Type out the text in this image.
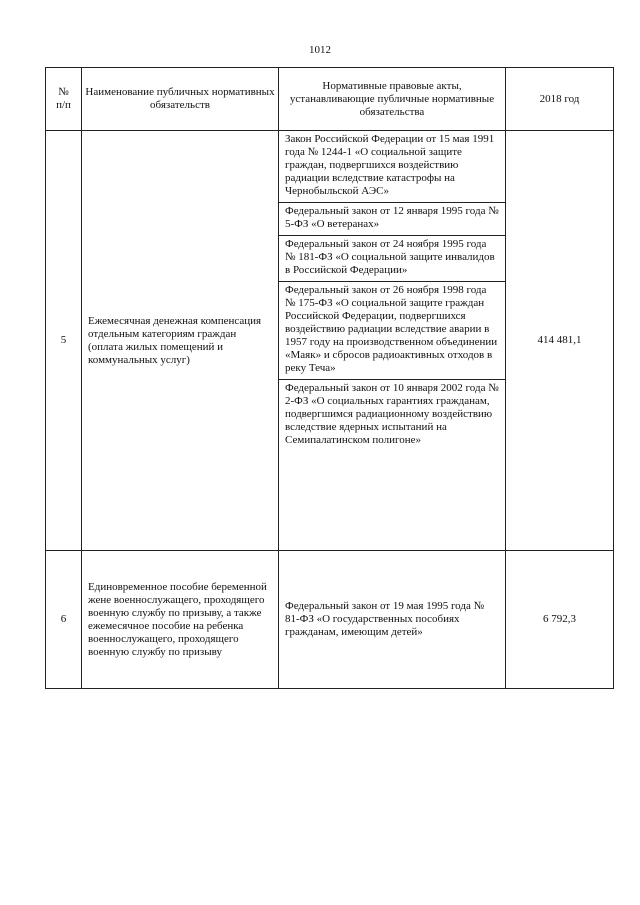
1012
№
п/п	Наименование публичных нормативных обязательств	Нормативные правовые акты, устанавливающие публичные нормативные обязательства	2018 год
5	Ежемесячная денежная компенсация отдельным категориям граждан (оплата жилых помещений и коммунальных услуг)	Закон Российской Федерации от 15 мая 1991 года № 1244-1 «О социальной защите граждан, подвергшихся воздействию радиации вследствие катастрофы на Чернобыльской АЭС»
Федеральный закон от 12 января 1995 года № 5-ФЗ «О ветеранах»
Федеральный закон от 24 ноября 1995 года № 181-ФЗ «О социальной защите инвалидов в Российской Федерации»
Федеральный закон от 26 ноября 1998 года № 175-ФЗ «О социальной защите граждан Российской Федерации, подвергшихся воздействию радиации вследствие аварии в 1957 году на производственном объединении «Маяк» и сбросов радиоактивных отходов в реку Теча»
Федеральный закон от 10 января 2002 года № 2-ФЗ «О социальных гарантиях гражданам, подвергшимся радиационному воздействию вследствие ядерных испытаний на Семипалатинском полигоне»	414 481,1
6	Единовременное пособие беременной жене военнослужащего, проходящего военную службу по призыву, а также ежемесячное пособие на ребенка военнослужащего, проходящего военную службу по призыву	Федеральный закон от 19 мая 1995 года № 81-ФЗ «О государственных пособиях гражданам, имеющим детей»	6 792,3
